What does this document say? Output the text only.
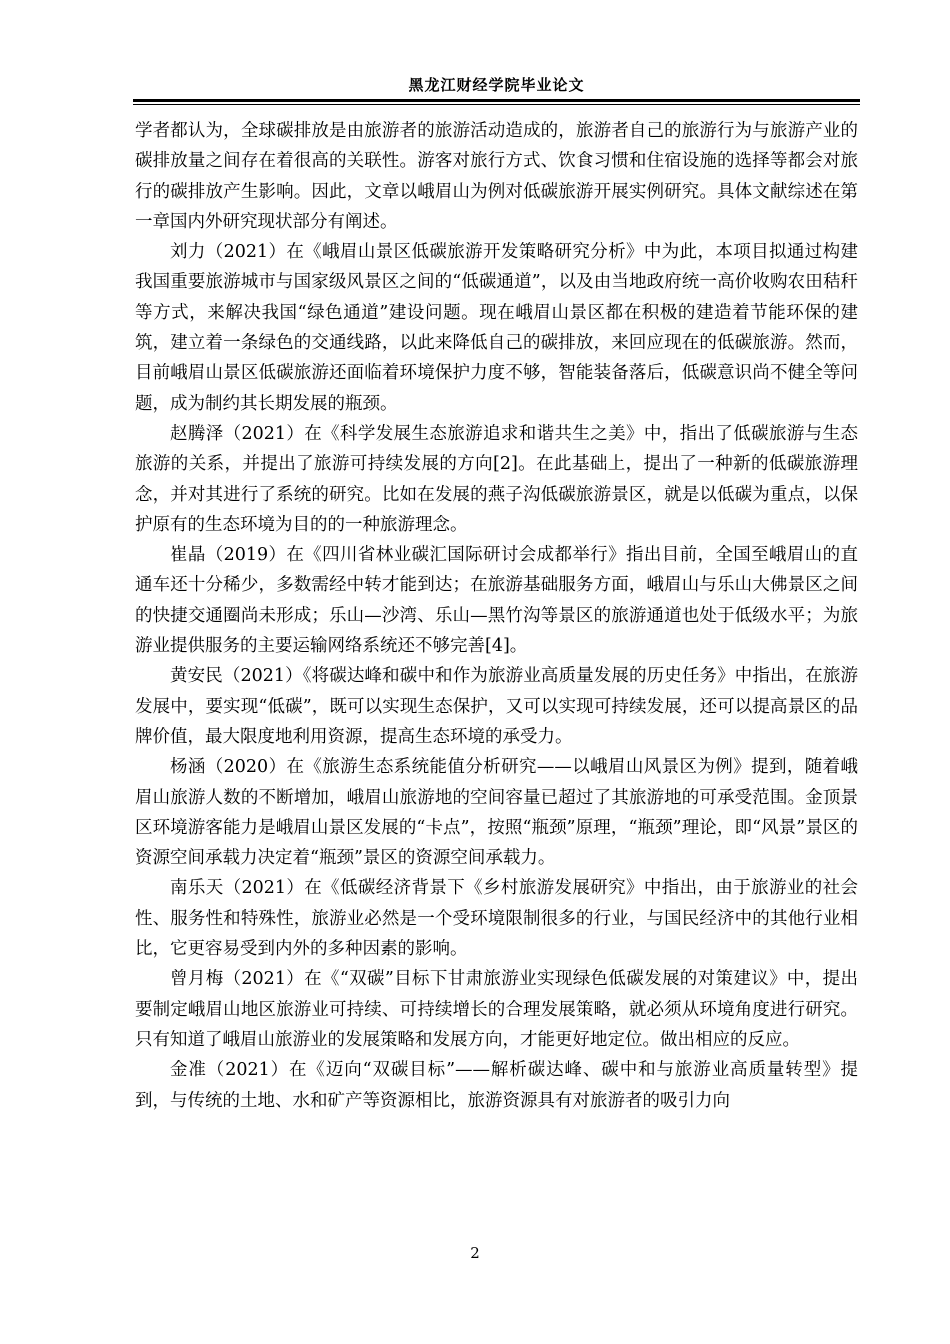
黑龙江财经学院毕业论文

学者都认为，全球碳排放是由旅游者的旅游活动造成的，旅游者自己的旅游行为与旅游产业的碳排放量之间存在着很高的关联性。游客对旅行方式、饮食习惯和住宿设施的选择等都会对旅行的碳排放产生影响。因此，文章以峨眉山为例对低碳旅游开展实例研究。具体文献综述在第一章国内外研究现状部分有阐述。

刘力（2021）在《峨眉山景区低碳旅游开发策略研究分析》中为此，本项目拟通过构建我国重要旅游城市与国家级风景区之间的“低碳通道”，以及由当地政府统一高价收购农田秸秆等方式，来解决我国“绿色通道”建设问题。现在峨眉山景区都在积极的建造着节能环保的建筑，建立着一条绿色的交通线路，以此来降低自己的碳排放，来回应现在的低碳旅游。然而，目前峨眉山景区低碳旅游还面临着环境保护力度不够，智能装备落后，低碳意识尚不健全等问题，成为制约其长期发展的瓶颈。

赵腾泽（2021）在《科学发展生态旅游追求和谐共生之美》中，指出了低碳旅游与生态旅游的关系，并提出了旅游可持续发展的方向[2]。在此基础上，提出了一种新的低碳旅游理念，并对其进行了系统的研究。比如在发展的燕子沟低碳旅游景区，就是以低碳为重点，以保护原有的生态环境为目的的一种旅游理念。

崔晶（2019）在《四川省林业碳汇国际研讨会成都举行》指出目前，全国至峨眉山的直通车还十分稀少，多数需经中转才能到达；在旅游基础服务方面，峨眉山与乐山大佛景区之间的快捷交通圈尚未形成；乐山—沙湾、乐山—黑竹沟等景区的旅游通道也处于低级水平；为旅游业提供服务的主要运输网络系统还不够完善[4]。

黄安民（2021）《将碳达峰和碳中和作为旅游业高质量发展的历史任务》中指出，在旅游发展中，要实现“低碳”，既可以实现生态保护，又可以实现可持续发展，还可以提高景区的品牌价值，最大限度地利用资源，提高生态环境的承受力。

杨涵（2020）在《旅游生态系统能值分析研究——以峨眉山风景区为例》提到，随着峨眉山旅游人数的不断增加，峨眉山旅游地的空间容量已超过了其旅游地的可承受范围。金顶景区环境游客能力是峨眉山景区发展的“卡点”，按照“瓶颈”原理，“瓶颈”理论，即“风景”景区的资源空间承载力决定着“瓶颈”景区的资源空间承载力。

南乐天（2021）在《低碳经济背景下《乡村旅游发展研究》中指出，由于旅游业的社会性、服务性和特殊性，旅游业必然是一个受环境限制很多的行业，与国民经济中的其他行业相比，它更容易受到内外的多种因素的影响。

曾月梅（2021）在《“双碳”目标下甘肃旅游业实现绿色低碳发展的对策建议》中，提出要制定峨眉山地区旅游业可持续、可持续增长的合理发展策略，就必须从环境角度进行研究。只有知道了峨眉山旅游业的发展策略和发展方向，才能更好地定位。做出相应的反应。

金准（2021）在《迈向“双碳目标”——解析碳达峰、碳中和与旅游业高质量转型》提到，与传统的土地、水和矿产等资源相比，旅游资源具有对旅游者的吸引力向

2
